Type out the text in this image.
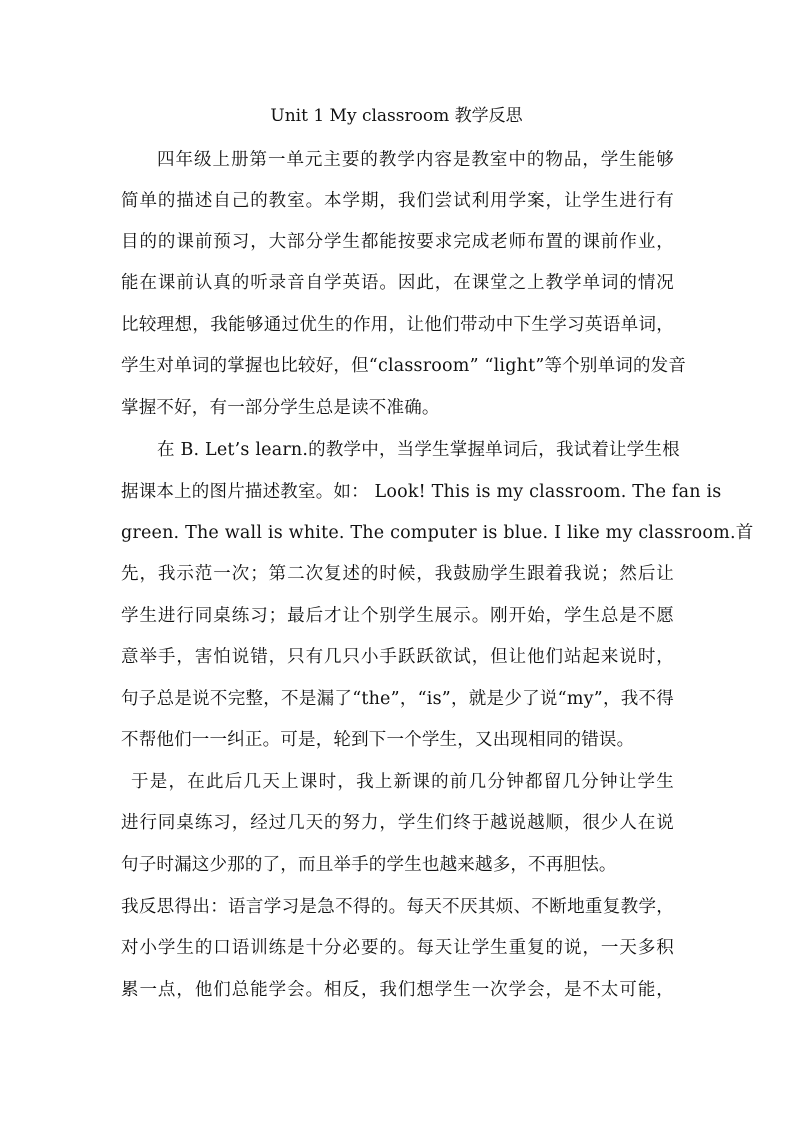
Unit 1 My classroom 教学反思
四年级上册第一单元主要的教学内容是教室中的物品，学生能够
简单的描述自己的教室。本学期，我们尝试利用学案，让学生进行有
目的的课前预习，大部分学生都能按要求完成老师布置的课前作业，
能在课前认真的听录音自学英语。因此，在课堂之上教学单词的情况
比较理想，我能够通过优生的作用，让他们带动中下生学习英语单词，
学生对单词的掌握也比较好，但“classroom” “light”等个别单词的发音
掌握不好，有一部分学生总是读不准确。
在 B. Let’s learn.的教学中，当学生掌握单词后，我试着让学生根
据课本上的图片描述教室。如： Look! This is my classroom. The fan is
green. The wall is white. The computer is blue. I like my classroom.首
先，我示范一次；第二次复述的时候，我鼓励学生跟着我说；然后让
学生进行同桌练习；最后才让个别学生展示。刚开始，学生总是不愿
意举手，害怕说错，只有几只小手跃跃欲试，但让他们站起来说时，
句子总是说不完整，不是漏了“the”，“is”，就是少了说“my”，我不得
不帮他们一一纠正。可是，轮到下一个学生，又出现相同的错误。
于是，在此后几天上课时，我上新课的前几分钟都留几分钟让学生
进行同桌练习，经过几天的努力，学生们终于越说越顺，很少人在说
句子时漏这少那的了，而且举手的学生也越来越多，不再胆怯。
我反思得出：语言学习是急不得的。每天不厌其烦、不断地重复教学，
对小学生的口语训练是十分必要的。每天让学生重复的说，一天多积
累一点，他们总能学会。相反，我们想学生一次学会，是不太可能，
